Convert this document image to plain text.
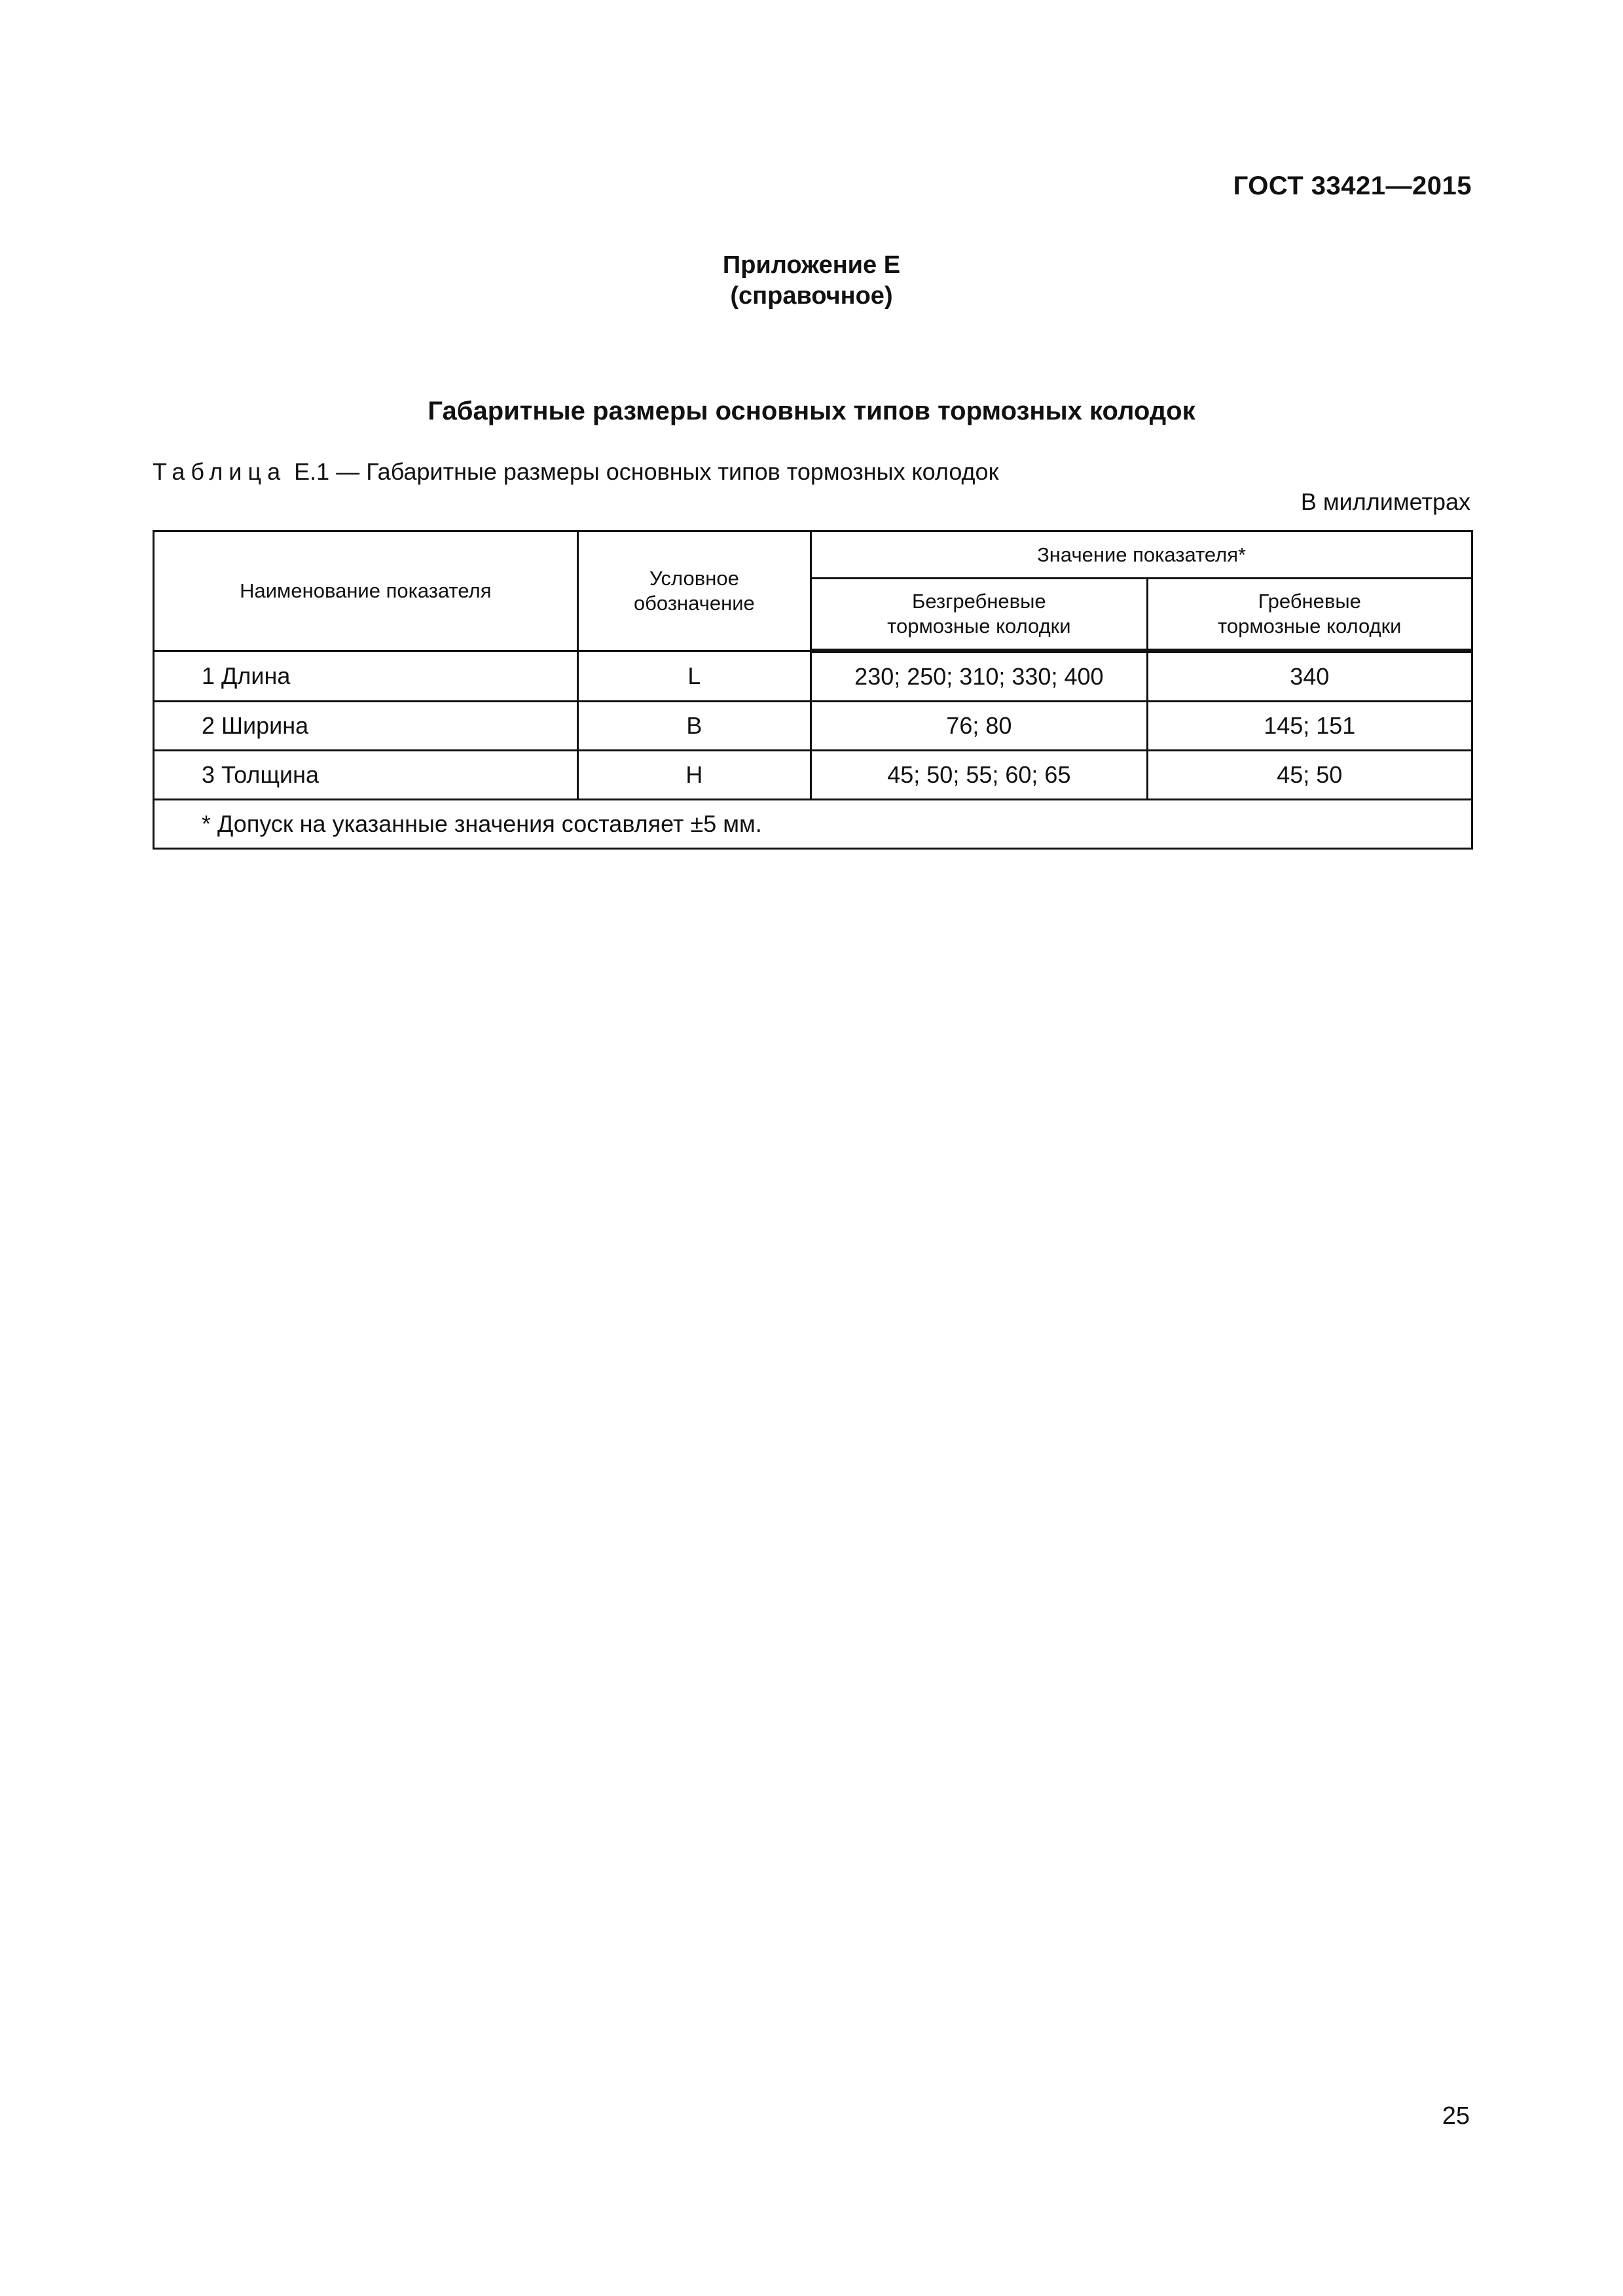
ГОСТ 33421—2015
Приложение Е
(справочное)
Габаритные размеры основных типов тормозных колодок
Таблица Е.1 — Габаритные размеры основных типов тормозных колодок
В миллиметрах
Наименование показателя	Условное обозначение	Значение показателя*	
		Безгребневые тормозные колодки	Гребневые тормозные колодки
1 Длина	L	230; 250; 310; 330; 400	340
2 Ширина	B	76; 80	145; 151
3 Толщина	H	45; 50; 55; 60; 65	45; 50
* Допуск на указанные значения составляет ±5 мм.			
25
